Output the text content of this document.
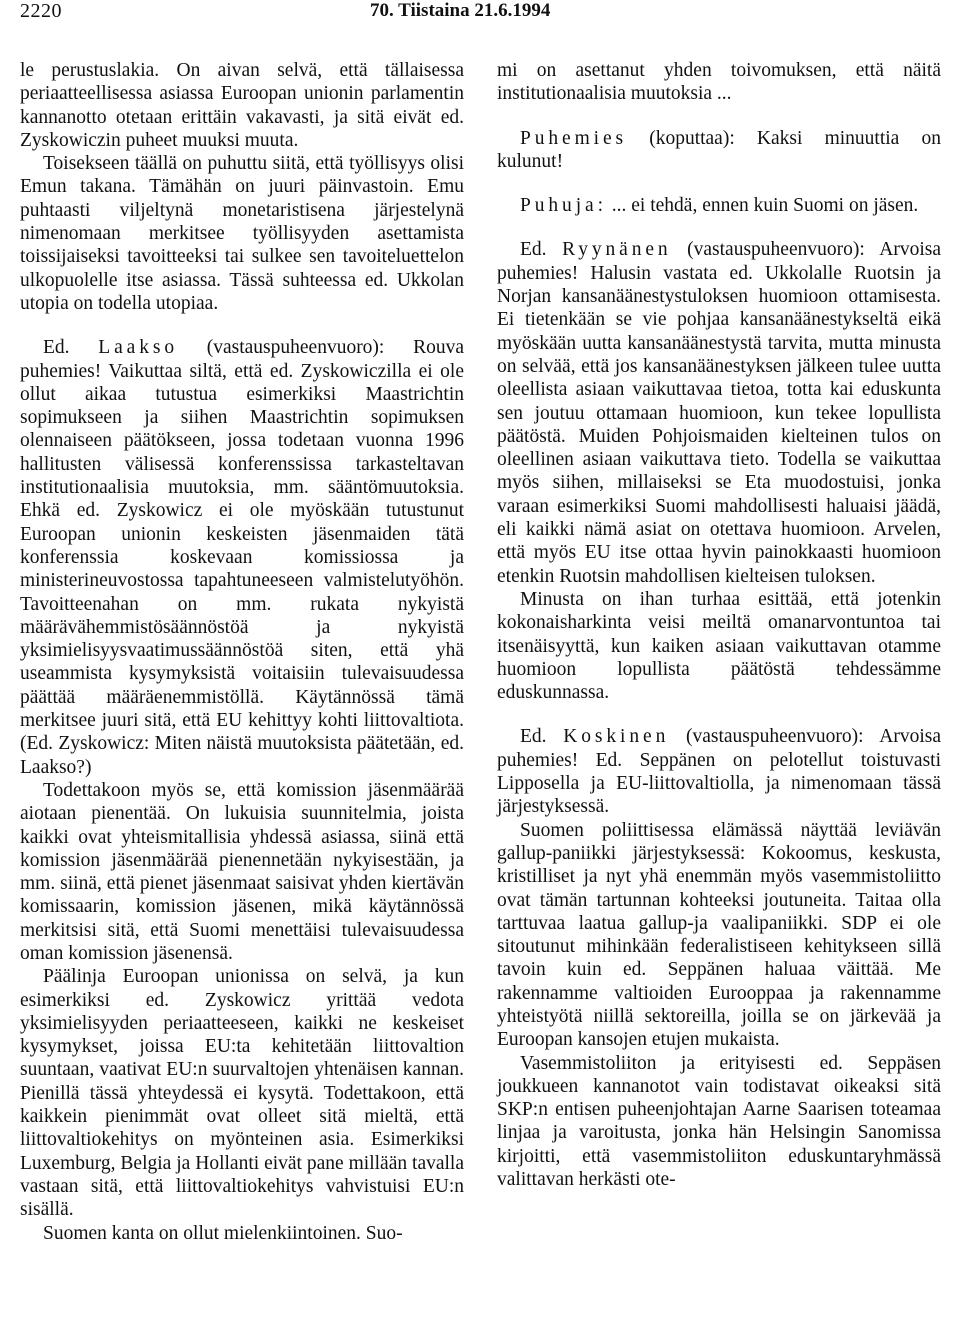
2220	70. Tiistaina 21.6.1994

le perustuslakia. On aivan selvä, että tällaisessa periaatteellisessa asiassa Euroopan unionin parlamentin kannanotto otetaan erittäin vakavasti, ja sitä eivät ed. Zyskowiczin puheet muuksi muuta.

Toisekseen täällä on puhuttu siitä, että työllisyys olisi Emun takana. Tämähän on juuri päinvastoin. Emu puhtaasti viljeltynä monetaristisena järjestelynä nimenomaan merkitsee työllisyyden asettamista toissijaiseksi tavoitteeksi tai sulkee sen tavoiteluettelon ulkopuolelle itse asiassa. Tässä suhteessa ed. Ukkolan utopia on todella utopiaa.

Ed. Laakso (vastauspuheenvuoro): Rouva puhemies! Vaikuttaa siltä, että ed. Zyskowiczilla ei ole ollut aikaa tutustua esimerkiksi Maastrichtin sopimukseen ja siihen Maastrichtin sopimuksen olennaiseen päätökseen, jossa todetaan vuonna 1996 hallitusten välisessä konferenssissa tarkasteltavan institutionaalisia muutoksia, mm. sääntömuutoksia. Ehkä ed. Zyskowicz ei ole myöskään tutustunut Euroopan unionin keskeisten jäsenmaiden tätä konferenssia koskevaan komissiossa ja ministerineuvostossa tapahtuneeseen valmistelutyöhön. Tavoitteenahan on mm. rukata nykyistä määrävähemmistösäännöstöä ja nykyistä yksimielisyysvaatimussäännöstöä siten, että yhä useammista kysymyksistä voitaisiin tulevaisuudessa päättää määräenemmistöllä. Käytännössä tämä merkitsee juuri sitä, että EU kehittyy kohti liittovaltiota. (Ed. Zyskowicz: Miten näistä muutoksista päätetään, ed. Laakso?)

Todettakoon myös se, että komission jäsenmäärää aiotaan pienentää. On lukuisia suunnitelmia, joista kaikki ovat yhteismitallisia yhdessä asiassa, siinä että komission jäsenmäärää pienennetään nykyisestään, ja mm. siinä, että pienet jäsenmaat saisivat yhden kiertävän komissaarin, komission jäsenen, mikä käytännössä merkitsisi sitä, että Suomi menettäisi tulevaisuudessa oman komission jäsenensä.

Päälinja Euroopan unionissa on selvä, ja kun esimerkiksi ed. Zyskowicz yrittää vedota yksimielisyyden periaatteeseen, kaikki ne keskeiset kysymykset, joissa EU:ta kehitetään liittovaltion suuntaan, vaativat EU:n suurvaltojen yhtenäisen kannan. Pienillä tässä yhteydessä ei kysytä. Todettakoon, että kaikkein pienimmät ovat olleet sitä mieltä, että liittovaltiokehitys on myönteinen asia. Esimerkiksi Luxemburg, Belgia ja Hollanti eivät pane millään tavalla vastaan sitä, että liittovaltiokehitys vahvistuisi EU:n sisällä.

Suomen kanta on ollut mielenkiintoinen. Suo-

mi on asettanut yhden toivomuksen, että näitä institutionaalisia muutoksia ...

Puhemies (koputtaa): Kaksi minuuttia on kulunut!

Puhuja: ... ei tehdä, ennen kuin Suomi on jäsen.

Ed. Ryynänen (vastauspuheenvuoro): Arvoisa puhemies! Halusin vastata ed. Ukkolalle Ruotsin ja Norjan kansanäänestystuloksen huomioon ottamisesta. Ei tietenkään se vie pohjaa kansanäänestykseltä eikä myöskään uutta kansanäänestystä tarvita, mutta minusta on selvää, että jos kansanäänestyksen jälkeen tulee uutta oleellista asiaan vaikuttavaa tietoa, totta kai eduskunta sen joutuu ottamaan huomioon, kun tekee lopullista päätöstä. Muiden Pohjoismaiden kielteinen tulos on oleellinen asiaan vaikuttava tieto. Todella se vaikuttaa myös siihen, millaiseksi se Eta muodostuisi, jonka varaan esimerkiksi Suomi mahdollisesti haluaisi jäädä, eli kaikki nämä asiat on otettava huomioon. Arvelen, että myös EU itse ottaa hyvin painokkaasti huomioon etenkin Ruotsin mahdollisen kielteisen tuloksen.

Minusta on ihan turhaa esittää, että jotenkin kokonaisharkinta veisi meiltä omanarvontuntoa tai itsenäisyyttä, kun kaiken asiaan vaikuttavan otamme huomioon lopullista päätöstä tehdessämme eduskunnassa.

Ed. Koskinen (vastauspuheenvuoro): Arvoisa puhemies! Ed. Seppänen on pelotellut toistuvasti Lipposella ja EU-liittovaltiolla, ja nimenomaan tässä järjestyksessä.

Suomen poliittisessa elämässä näyttää leviävän gallup-paniikki järjestyksessä: Kokoomus, keskusta, kristilliset ja nyt yhä enemmän myös vasemmistoliitto ovat tämän tartunnan kohteeksi joutuneita. Taitaa olla tarttuvaa laatua gallup-ja vaalipaniikki. SDP ei ole sitoutunut mihinkään federalistiseen kehitykseen sillä tavoin kuin ed. Seppänen haluaa väittää. Me rakennamme valtioiden Eurooppaa ja rakennamme yhteistyötä niillä sektoreilla, joilla se on järkevää ja Euroopan kansojen etujen mukaista.

Vasemmistoliiton ja erityisesti ed. Seppäsen joukkueen kannanotot vain todistavat oikeaksi sitä SKP:n entisen puheenjohtajan Aarne Saarisen toteamaa linjaa ja varoitusta, jonka hän Helsingin Sanomissa kirjoitti, että vasemmistoliiton eduskuntaryhmässä valittavan herkästi ote-
